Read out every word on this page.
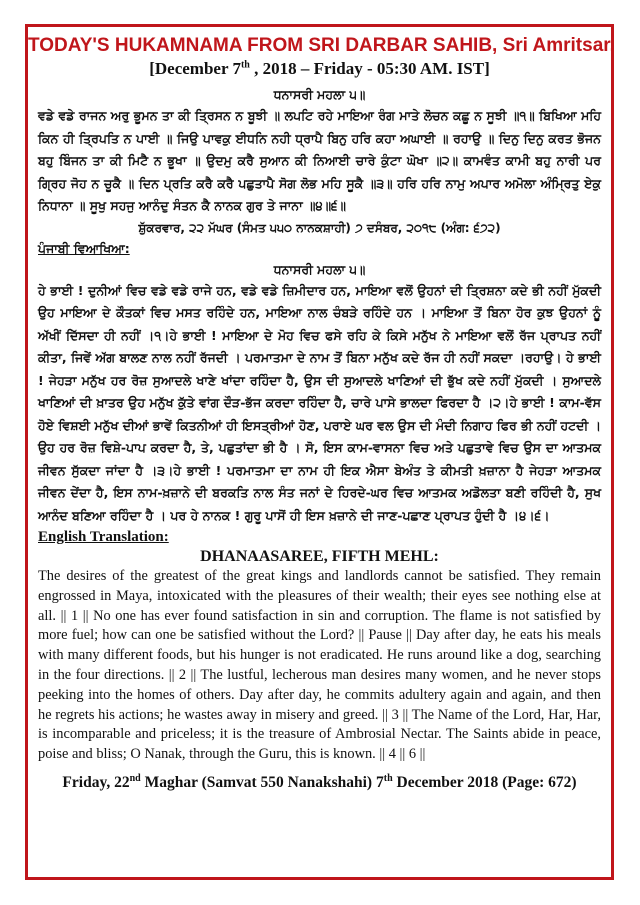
TODAY'S HUKAMNAMA FROM SRI DARBAR SAHIB, Sri Amritsar.
[December 7th , 2018 – Friday - 05:30 AM. IST]
ਧਨਾਸਰੀ ਮਹਲਾ ੫॥
ਵਡੇ ਵਡੇ ਰਾਜਨ ਅਰੁ ਭੂਮਨ ਤਾ ਕੀ ਤ੍ਰਿਸਨ ਨ ਬੂਝੀ ॥ ਲਪਟਿ ਰਹੇ ਮਾਇਆ ਰੰਗ ਮਾਤੇ ਲੋਚਨ ਕਛੂ ਨ ਸੂਝੀ ॥੧॥ ਬਿਖਿਆ ਮਹਿ ਕਿਨ ਹੀ ਤ੍ਰਿਪਤਿ ਨ ਪਾਈ ॥ ਜਿਉ ਪਾਵਕੁ ਈਧਨਿ ਨਹੀ ਧ੍ਰਾਪੈ ਬਿਨੁ ਹਰਿ ਕਹਾ ਅਘਾਈ ॥ ਰਹਾਉ ॥ ਦਿਨੁ ਦਿਨੁ ਕਰਤ ਭੋਜਨ ਬਹੁ ਬਿੰਜਨ ਤਾ ਕੀ ਮਿਟੈ ਨ ਭੂਖਾ ॥ ਉਦਮੁ ਕਰੈ ਸੁਆਨ ਕੀ ਨਿਆਈ ਚਾਰੇ ਕੁੰਟਾ ਘੋਖਾ ॥੨॥ ਕਾਮਵੰਤ ਕਾਮੀ ਬਹੁ ਨਾਰੀ ਪਰ ਗ੍ਰਿਹ ਜੋਹ ਨ ਚੂਕੈ ॥ ਦਿਨ ਪ੍ਰਤਿ ਕਰੈ ਕਰੈ ਪਛੁਤਾਪੈ ਸੋਗ ਲੋਭ ਮਹਿ ਸੂਕੈ ॥੩॥ ਹਰਿ ਹਰਿ ਨਾਮੁ ਅਪਾਰ ਅਮੋਲਾ ਅੰਮ੍ਰਿਤੁ ਏਕੁ ਨਿਧਾਨਾ ॥ ਸੂਖੁ ਸਹਜੁ ਆਨੰਦੁ ਸੰਤਨ ਕੈ ਨਾਨਕ ਗੁਰ ਤੇ ਜਾਨਾ ॥੪॥੬॥
ਸ਼ੁੱਕਰਵਾਰ, ੨੨ ਮੱਘਰ (ਸੰਮਤ ੫੫੦ ਨਾਨਕਸ਼ਾਹੀ) ੭ ਦਸੰਬਰ, ੨੦੧੮ (ਅੰਗ: ੬੭੨)
ਪੰਜਾਬੀ ਵਿਆਖਿਆ:
ਧਨਾਸਰੀ ਮਹਲਾ ੫॥
ਹੇ ਭਾਈ ! ਦੁਨੀਆਂ ਵਿਚ ਵਡੇ ਵਡੇ ਰਾਜੇ ਹਨ, ਵਡੇ ਵਡੇ ਜ਼ਿਮੀਦਾਰ ਹਨ, ਮਾਇਆ ਵਲੋਂ ਉਹਨਾਂ ਦੀ ਤ੍ਰਿਸ਼ਨਾ ਕਦੇ ਭੀ ਨਹੀਂ ਮੁੱਕਦੀ ਉਹ ਮਾਇਆ ਦੇ ਕੌਤਕਾਂ ਵਿਚ ਮਸਤ ਰਹਿੰਦੇ ਹਨ, ਮਾਇਆ ਨਾਲ ਚੰਬੜੇ ਰਹਿੰਦੇ ਹਨ । ਮਾਇਆ ਤੋਂ ਬਿਨਾ ਹੋਰ ਕੁਝ ਉਹਨਾਂ ਨੂੰ ਅੱਖੀਂ ਦਿੱਸਦਾ ਹੀ ਨਹੀਂ ।੧।ਹੇ ਭਾਈ ! ਮਾਇਆ ਦੇ ਮੋਹ ਵਿਚ ਫਸੇ ਰਹਿ ਕੇ ਕਿਸੇ ਮਨੁੱਖ ਨੇ ਮਾਇਆ ਵਲੋਂ ਰੱਜ ਪ੍ਰਾਪਤ ਨਹੀਂ ਕੀਤਾ, ਜਿਵੇਂ ਅੱਗ ਬਾਲਣ ਨਾਲ ਨਹੀਂ ਰੱਜਦੀ । ਪਰਮਾਤਮਾ ਦੇ ਨਾਮ ਤੋਂ ਬਿਨਾ ਮਨੁੱਖ ਕਦੇ ਰੱਜ ਹੀ ਨਹੀਂ ਸਕਦਾ ।ਰਹਾਉ। ਹੇ ਭਾਈ ! ਜੇਹੜਾ ਮਨੁੱਖ ਹਰ ਰੋਜ਼ ਸੁਆਦਲੇ ਖਾਣੇ ਖਾਂਦਾ ਰਹਿੰਦਾ ਹੈ, ਉਸ ਦੀ ਸੁਆਦਲੇ ਖਾਣਿਆਂ ਦੀ ਭੁੱਖ ਕਦੇ ਨਹੀਂ ਮੁੱਕਦੀ । ਸੁਆਦਲੇ ਖਾਣਿਆਂ ਦੀ ਖ਼ਾਤਰ ਉਹ ਮਨੁੱਖ ਕੁੱਤੇ ਵਾਂਗ ਦੌੜ-ਭੱਜ ਕਰਦਾ ਰਹਿੰਦਾ ਹੈ, ਚਾਰੇ ਪਾਸੇ ਭਾਲਦਾ ਫਿਰਦਾ ਹੈ ।੨।ਹੇ ਭਾਈ ! ਕਾਮ-ਵੱਸ ਹੋਏ ਵਿਸ਼ਈ ਮਨੁੱਖ ਦੀਆਂ ਭਾਵੇਂ ਕਿਤਨੀਆਂ ਹੀ ਇਸਤ੍ਰੀਆਂ ਹੋਣ, ਪਰਾਏ ਘਰ ਵਲ ਉਸ ਦੀ ਮੰਦੀ ਨਿਗਾਹ ਫਿਰ ਭੀ ਨਹੀਂ ਹਟਦੀ । ਉਹ ਹਰ ਰੋਜ਼ ਵਿਸ਼ੇ-ਪਾਪ ਕਰਦਾ ਹੈ, ਤੇ, ਪਛੁਤਾਂਦਾ ਭੀ ਹੈ । ਸੋ, ਇਸ ਕਾਮ-ਵਾਸਨਾ ਵਿਚ ਅਤੇ ਪਛੁਤਾਵੇ ਵਿਚ ਉਸ ਦਾ ਆਤਮਕ ਜੀਵਨ ਸੁੱਕਦਾ ਜਾਂਦਾ ਹੈ ।੩।ਹੇ ਭਾਈ ! ਪਰਮਾਤਮਾ ਦਾ ਨਾਮ ਹੀ ਇਕ ਐਸਾ ਬੇਅੰਤ ਤੇ ਕੀਮਤੀ ਖ਼ਜ਼ਾਨਾ ਹੈ ਜੇਹੜਾ ਆਤਮਕ ਜੀਵਨ ਦੇਂਦਾ ਹੈ, ਇਸ ਨਾਮ-ਖ਼ਜ਼ਾਨੇ ਦੀ ਬਰਕਤਿ ਨਾਲ ਸੰਤ ਜਨਾਂ ਦੇ ਹਿਰਦੇ-ਘਰ ਵਿਚ ਆਤਮਕ ਅਡੋਲਤਾ ਬਣੀ ਰਹਿੰਦੀ ਹੈ, ਸੁਖ ਆਨੰਦ ਬਣਿਆ ਰਹਿੰਦਾ ਹੈ । ਪਰ ਹੇ ਨਾਨਕ ! ਗੁਰੂ ਪਾਸੋਂ ਹੀ ਇਸ ਖ਼ਜ਼ਾਨੇ ਦੀ ਜਾਣ-ਪਛਾਣ ਪ੍ਰਾਪਤ ਹੁੰਦੀ ਹੈ ।੪।੬।
English Translation:
DHANAASAREE, FIFTH MEHL:
The desires of the greatest of the great kings and landlords cannot be satisfied. They remain engrossed in Maya, intoxicated with the pleasures of their wealth; their eyes see nothing else at all. || 1 || No one has ever found satisfaction in sin and corruption. The flame is not satisfied by more fuel; how can one be satisfied without the Lord? || Pause || Day after day, he eats his meals with many different foods, but his hunger is not eradicated. He runs around like a dog, searching in the four directions. || 2 || The lustful, lecherous man desires many women, and he never stops peeking into the homes of others. Day after day, he commits adultery again and again, and then he regrets his actions; he wastes away in misery and greed. || 3 || The Name of the Lord, Har, Har, is incomparable and priceless; it is the treasure of Ambrosial Nectar. The Saints abide in peace, poise and bliss; O Nanak, through the Guru, this is known. || 4 || 6 ||
Friday, 22nd Maghar (Samvat 550 Nanakshahi) 7th December 2018 (Page: 672)
